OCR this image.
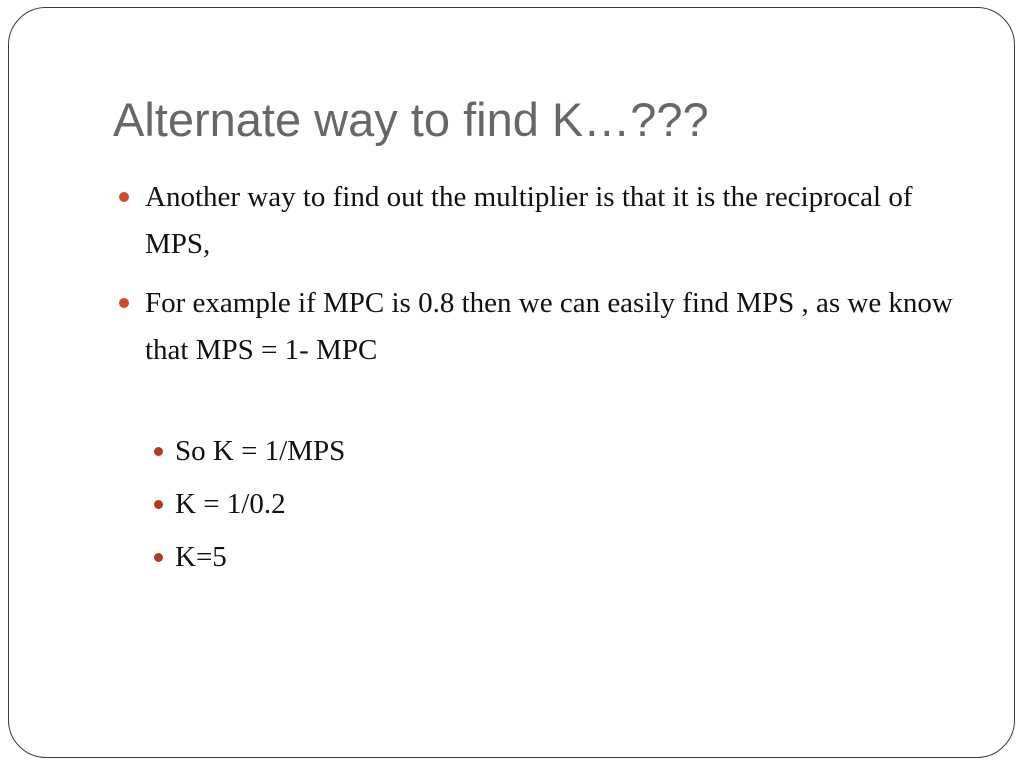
Alternate way to find K…???
Another way to find out the multiplier is that it is the reciprocal of MPS,
For example if MPC is 0.8 then we can easily find MPS , as we know that MPS = 1- MPC
So K = 1/MPS
K = 1/0.2
K=5
